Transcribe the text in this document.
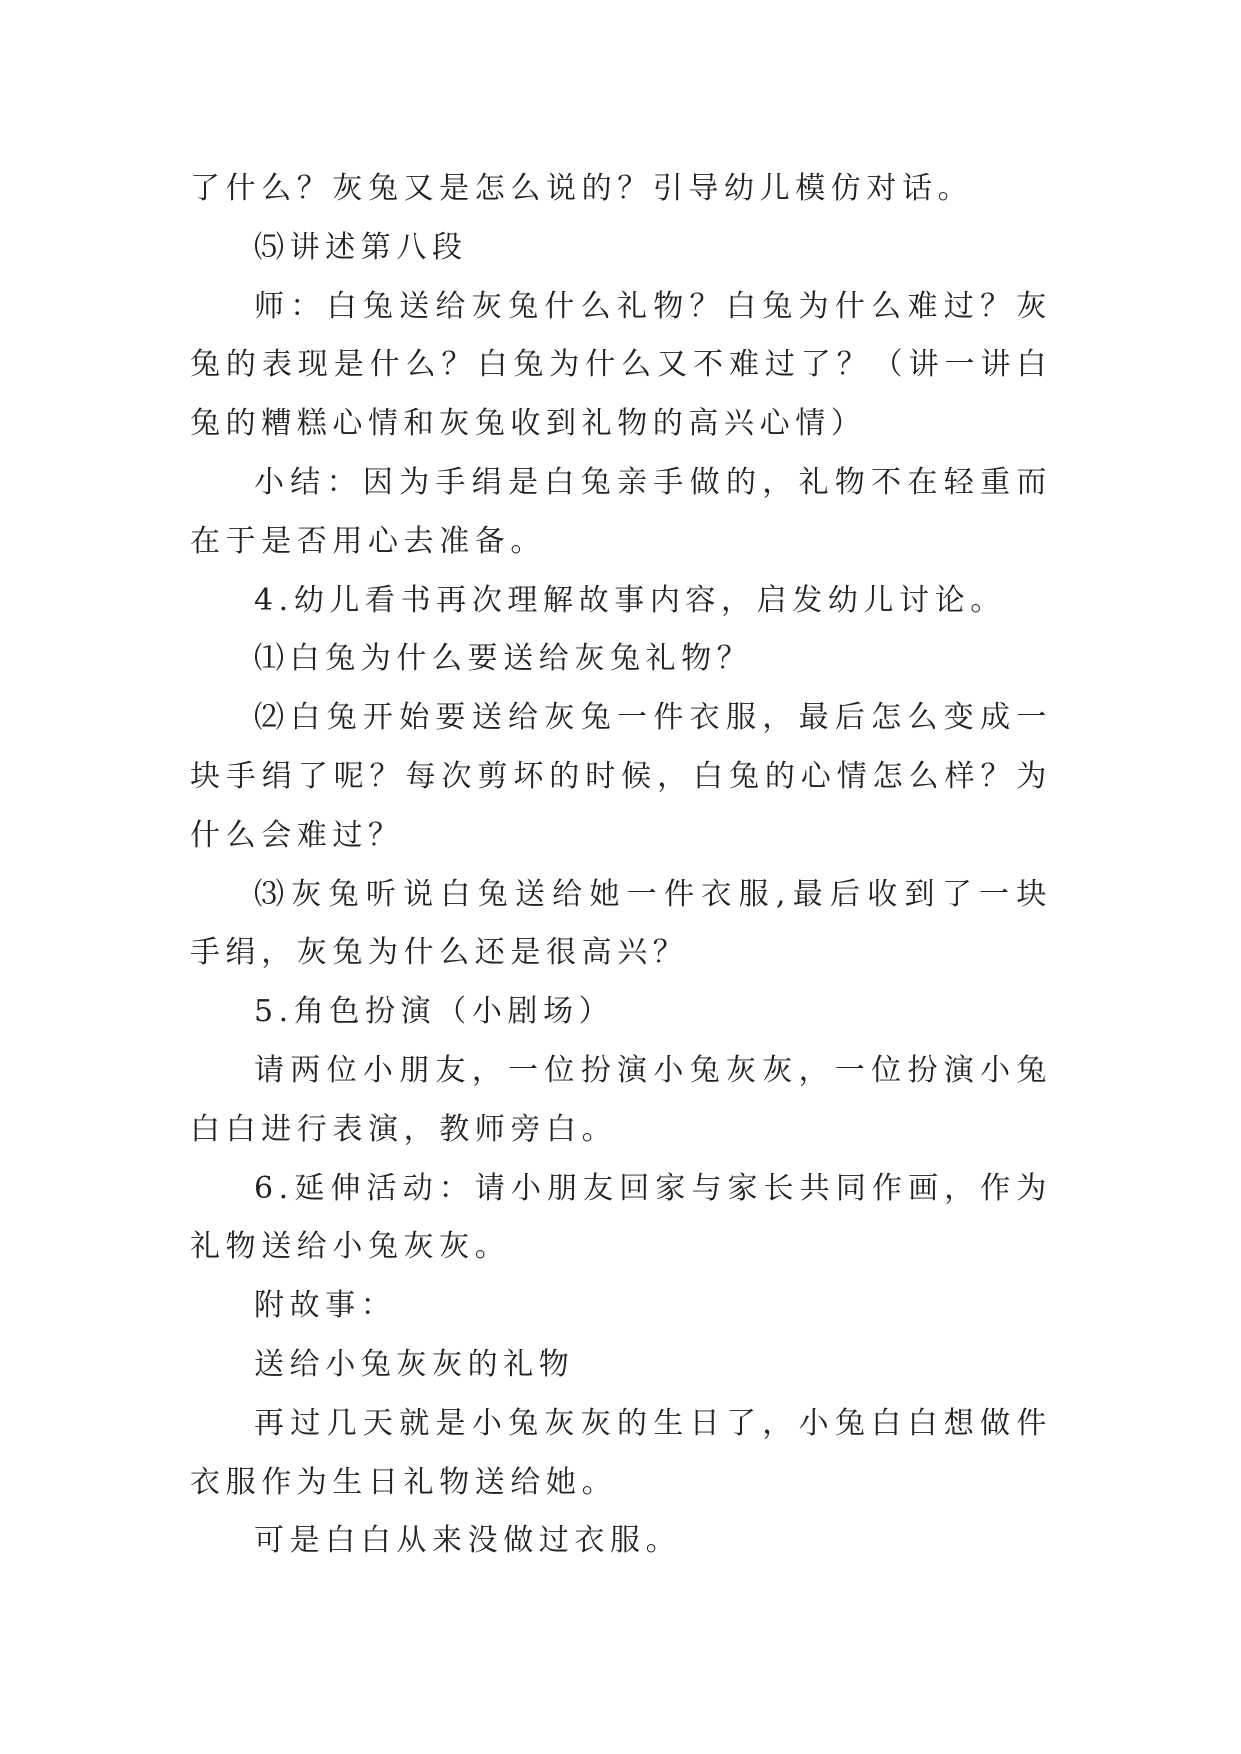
了什么？灰兔又是怎么说的？引导幼儿模仿对话。

⑸讲述第八段

师：白兔送给灰兔什么礼物？白兔为什么难过？灰兔的表现是什么？白兔为什么又不难过了？（讲一讲白兔的糟糕心情和灰兔收到礼物的高兴心情）

小结：因为手绢是白兔亲手做的，礼物不在轻重而在于是否用心去准备。

4.幼儿看书再次理解故事内容，启发幼儿讨论。

⑴白兔为什么要送给灰兔礼物？

⑵白兔开始要送给灰兔一件衣服，最后怎么变成一块手绢了呢？每次剪坏的时候，白兔的心情怎么样？为什么会难过？

⑶灰兔听说白兔送给她一件衣服,最后收到了一块手绢，灰兔为什么还是很高兴？

5.角色扮演（小剧场）

请两位小朋友，一位扮演小兔灰灰，一位扮演小兔白白进行表演，教师旁白。

6.延伸活动：请小朋友回家与家长共同作画，作为礼物送给小兔灰灰。

附故事：

送给小兔灰灰的礼物

再过几天就是小兔灰灰的生日了，小兔白白想做件衣服作为生日礼物送给她。

可是白白从来没做过衣服。
